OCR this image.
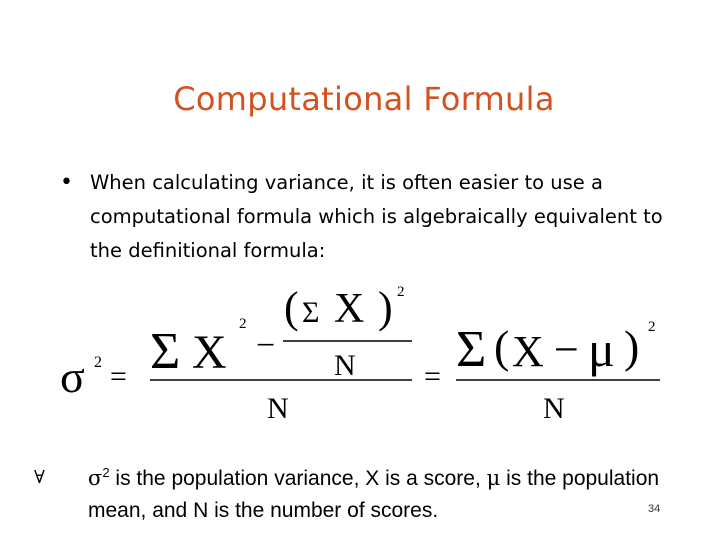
Computational Formula
• When calculating variance, it is often easier to use a computational formula which is algebraically equivalent to the definitional formula:
σ 2 = Σ X
2
−
( Σ X ) 2
N
N
= Σ ( X − μ ) 2
N
∀ $\sigma^2$ is the population variance, X is a score, μ is the population mean, and N is the number of scores.	34
